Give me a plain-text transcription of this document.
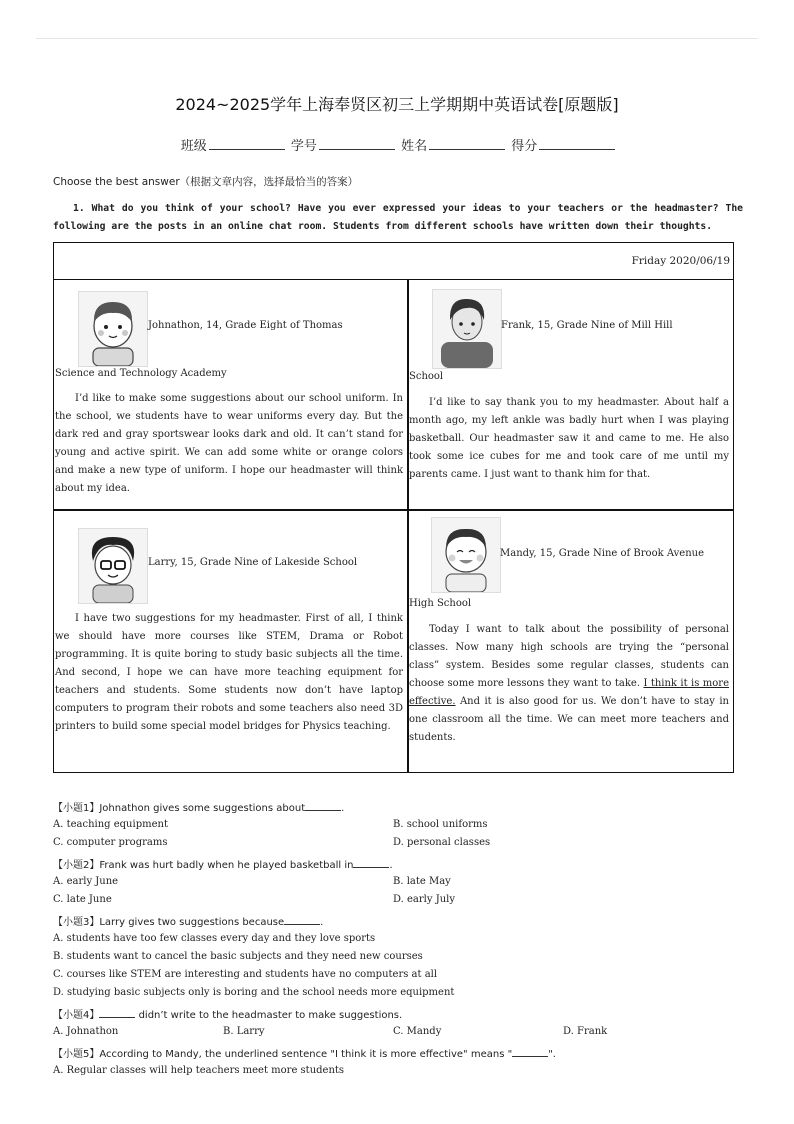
2024~2025学年上海奉贤区初三上学期期中英语试卷[原题版]
班级	学号	姓名	得分
Choose the best answer（根据文章内容，选择最恰当的答案）
1. What do you think of your school? Have you ever expressed your ideas to your teachers or the headmaster? The following are the posts in an online chat room. Students from different schools have written down their thoughts.
Friday 2020/06/19
Johnathon, 14, Grade Eight of Thomas
Science and Technology Academy

I’d like to make some suggestions about our school uniform. In the school, we students have to wear uniforms every day. But the dark red and gray sportswear looks dark and old. It can’t stand for young and active spirit. We can add some white or orange colors and make a new type of uniform. I hope our headmaster will think about my idea.

Frank, 15, Grade Nine of Mill Hill
School

I’d like to say thank you to my headmaster. About half a month ago, my left ankle was badly hurt when I was playing basketball. Our headmaster saw it and came to me. He also took some ice cubes for me and took care of me until my parents came. I just want to thank him for that.

Larry, 15, Grade Nine of Lakeside School

I have two suggestions for my headmaster. First of all, I think we should have more courses like STEM, Drama or Robot programming. It is quite boring to study basic subjects all the time. And second, I hope we can have more teaching equipment for teachers and students. Some students now don’t have laptop computers to program their robots and some teachers also need 3D printers to build some special model bridges for Physics teaching.

Mandy, 15, Grade Nine of Brook Avenue
High School

Today I want to talk about the possibility of personal classes. Now many high schools are trying the “personal class” system. Besides some regular classes, students can choose some more lessons they want to take. I think it is more effective. And it is also good for us. We don’t have to stay in one classroom all the time. We can meet more teachers and students.

【小题1】Johnathon gives some suggestions about	.
A. teaching equipment	B. school uniforms
C. computer programs	D. personal classes
【小题2】Frank was hurt badly when he played basketball in	.
A. early June	B. late May
C. late June	D. early July
【小题3】Larry gives two suggestions because	.
A. students have too few classes every day and they love sports
B. students want to cancel the basic subjects and they need new courses
C. courses like STEM are interesting and students have no computers at all
D. studying basic subjects only is boring and the school needs more equipment
【小题4】	didn’t write to the headmaster to make suggestions.
A. Johnathon	B. Larry	C. Mandy	D. Frank
【小题5】According to Mandy, the underlined sentence "I think it is more effective" means "	".
A. Regular classes will help teachers meet more students
